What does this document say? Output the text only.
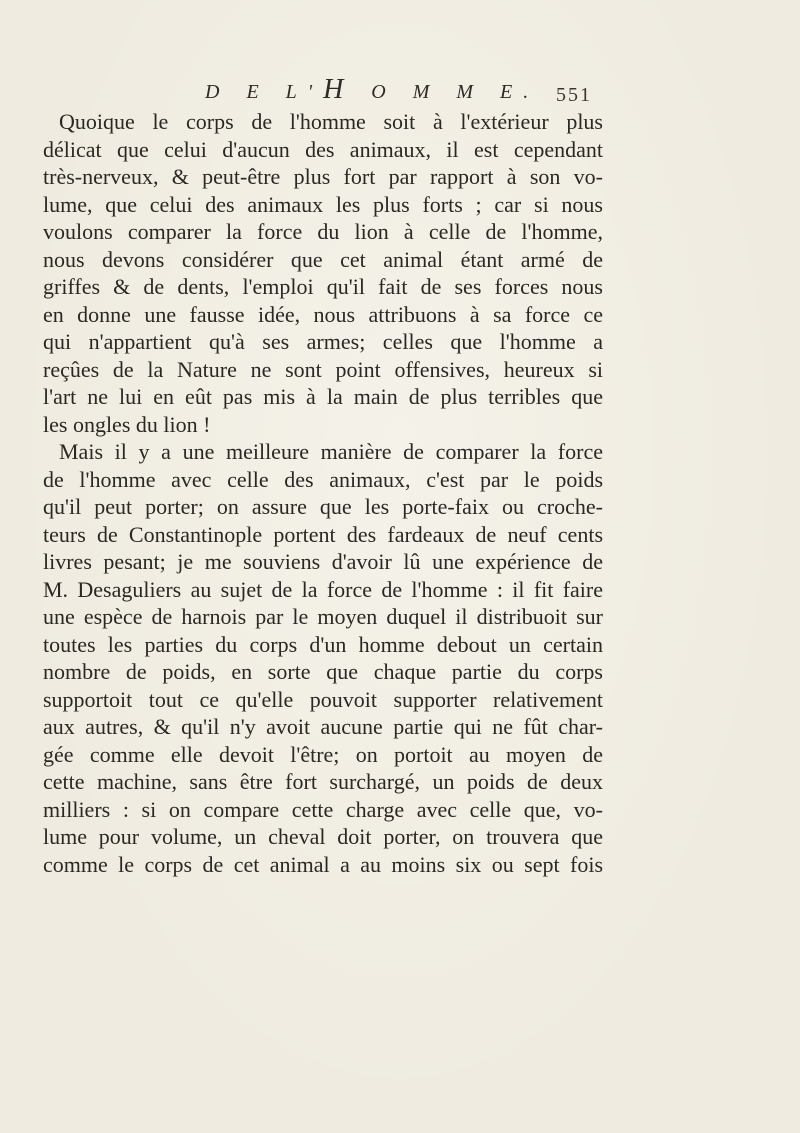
D E L'H O M M E. 551
Quoique le corps de l'homme soit à l'extérieur plus
délicat que celui d'aucun des animaux, il est cependant
très-nerveux, & peut-être plus fort par rapport à son vo-
lume, que celui des animaux les plus forts ; car si nous
voulons comparer la force du lion à celle de l'homme,
nous devons considérer que cet animal étant armé de
griffes & de dents, l'emploi qu'il fait de ses forces nous
en donne une fausse idée, nous attribuons à sa force ce
qui n'appartient qu'à ses armes; celles que l'homme a
reçûes de la Nature ne sont point offensives, heureux si
l'art ne lui en eût pas mis à la main de plus terribles que
les ongles du lion !
Mais il y a une meilleure manière de comparer la force
de l'homme avec celle des animaux, c'est par le poids
qu'il peut porter; on assure que les porte-faix ou croche-
teurs de Constantinople portent des fardeaux de neuf cents
livres pesant; je me souviens d'avoir lû une expérience de
M. Desaguliers au sujet de la force de l'homme : il fit faire
une espèce de harnois par le moyen duquel il distribuoit sur
toutes les parties du corps d'un homme debout un certain
nombre de poids, en sorte que chaque partie du corps
supportoit tout ce qu'elle pouvoit supporter relativement
aux autres, & qu'il n'y avoit aucune partie qui ne fût char-
gée comme elle devoit l'être; on portoit au moyen de
cette machine, sans être fort surchargé, un poids de deux
milliers : si on compare cette charge avec celle que, vo-
lume pour volume, un cheval doit porter, on trouvera que
comme le corps de cet animal a au moins six ou sept fois
